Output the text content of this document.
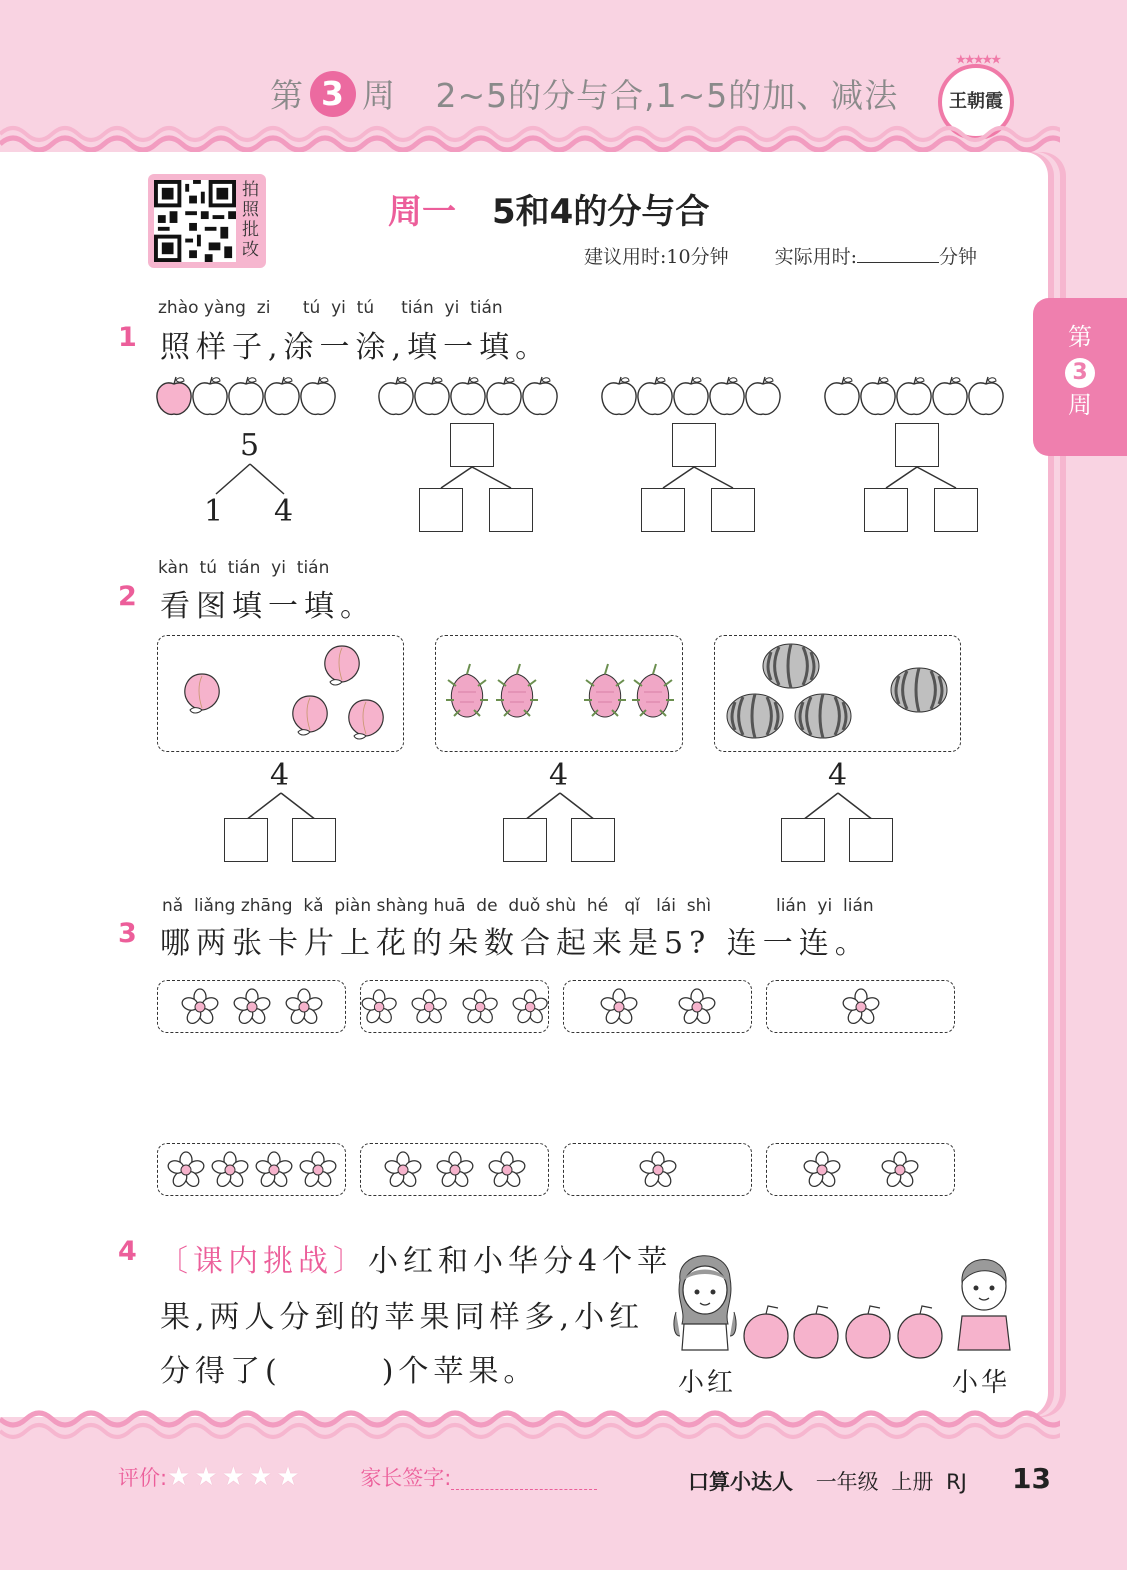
第 3 周 2~5的分与合,1~5的加、减法
★★★★★
王朝霞
第
3
周
拍
照
批
改
周一 5和4的分与合
建议用时:10分钟 实际用时:	分钟
zhào yàng  zi      tú  yi  tú     tián  yi  tián
1 照样子,涂一涂,填一填。
5
1 4
kàn  tú  tián  yi  tián
2 看图填一填。
4	4	4
nǎ  liǎng zhāng  kǎ  piàn shàng huā  de  duǒ shù  hé   qǐ   lái  shì            lián  yi  lián
3 哪两张卡片上花的朵数合起来是5? 连一连。
4 〔课内挑战〕小红和小华分4个苹
果,两人分到的苹果同样多,小红
分得了(	)个苹果。	小红	小华
评价:★★★★★	家长签字:	口算小达人 一年级 上册 RJ 13
